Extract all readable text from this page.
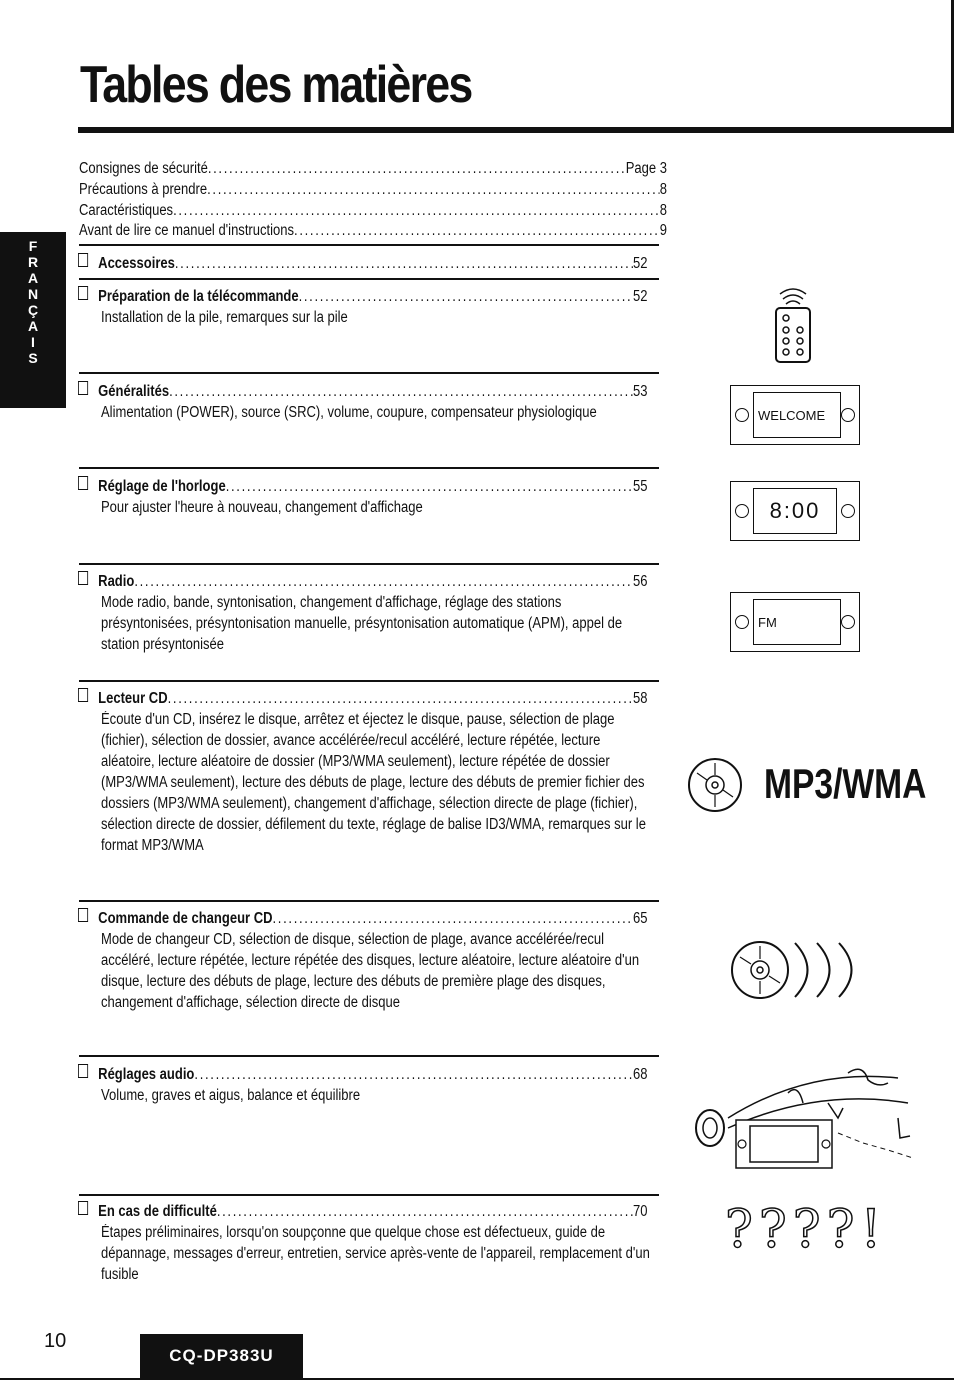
Tables des matières
F
R
A
N
Ç
A
I
S
Consignes de sécurité .....	Page 3
Précautions à prendre .....	8
Caractéristiques .....	8
Avant de lire ce manuel d'instructions .....	9
Accessoires .....	52
Préparation de la télécommande .....	52
Installation de la pile, remarques sur la pile
Généralités .....	53
Alimentation (POWER), source (SRC), volume, coupure, compensateur physiologique
Réglage de l'horloge .....	55
Pour ajuster l'heure à nouveau, changement d'affichage
Radio .....	56
Mode radio, bande, syntonisation, changement d'affichage, réglage des stations présyntonisées, présyntonisation manuelle, présyntonisation automatique (APM), appel de station présyntonisée
Lecteur CD .....	58
Écoute d'un CD, insérez le disque, arrêtez et éjectez le disque, pause, sélection de plage (fichier), sélection de dossier, avance accélérée/recul accéléré, lecture répétée, lecture aléatoire, lecture aléatoire de dossier (MP3/WMA seulement), lecture répétée de dossier (MP3/WMA seulement), lecture des débuts de plage, lecture des débuts de premier fichier des dossiers (MP3/WMA seulement), changement d'affichage, sélection directe de plage (fichier), sélection directe de dossier, défilement du texte, réglage de balise ID3/WMA, remarques sur le format MP3/WMA
Commande de changeur CD .....	65
Mode de changeur CD, sélection de disque, sélection de plage, avance accélérée/recul accéléré, lecture répétée, lecture répétée des disques, lecture aléatoire, lecture aléatoire d'un disque, lecture des débuts de plage, lecture des débuts de première plage des disques, changement d'affichage, sélection directe de disque
Réglages audio .....	68
Volume, graves et aigus, balance et équilibre
En cas de difficulté .....	70
Étapes préliminaires, lorsqu'on soupçonne que quelque chose est défectueux, guide de dépannage, messages d'erreur, entretien, service après-vente de l'appareil, remplacement d'un fusible
WELCOME
8:00
FM
MP3/WMA
????!
10
CQ-DP383U
